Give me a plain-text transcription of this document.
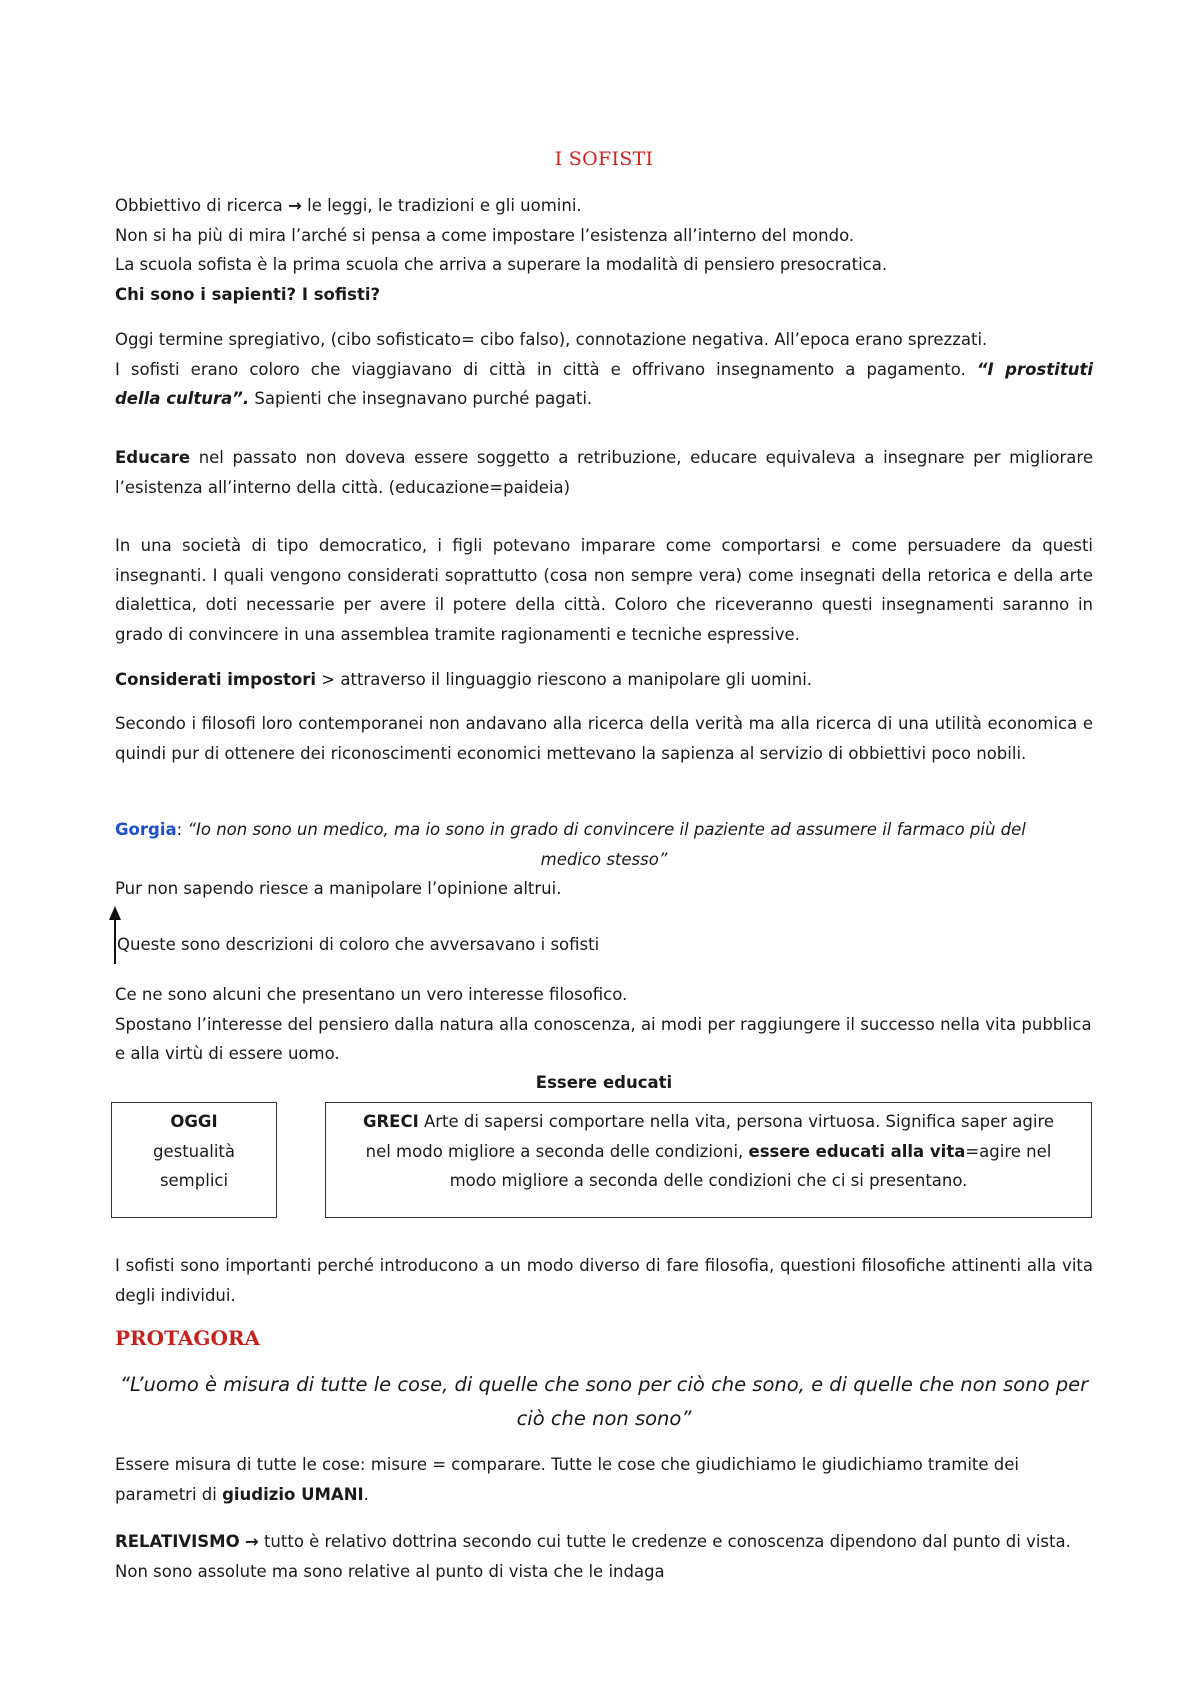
I SOFISTI

Obbiettivo di ricerca → le leggi, le tradizioni e gli uomini.

Non si ha più di mira l’arché si pensa a come impostare l’esistenza all’interno del mondo.

La scuola sofista è la prima scuola che arriva a superare la modalità di pensiero presocratica.

Chi sono i sapienti? I sofisti?

Oggi termine spregiativo, (cibo sofisticato= cibo falso), connotazione negativa. All’epoca erano sprezzati.

I sofisti erano coloro che viaggiavano di città in città e offrivano insegnamento a pagamento. “I prostituti

della cultura”. Sapienti che insegnavano purché pagati.

Educare nel passato non doveva essere soggetto a retribuzione, educare equivaleva a insegnare per migliorare l’esistenza all’interno della città. (educazione=paideia)

In una società di tipo democratico, i figli potevano imparare come comportarsi e come persuadere da questi insegnanti. I quali vengono considerati soprattutto (cosa non sempre vera) come insegnati della retorica e della arte dialettica, doti necessarie per avere il potere della città. Coloro che riceveranno questi insegnamenti saranno in grado di convincere in una assemblea tramite ragionamenti e tecniche espressive.

Considerati impostori > attraverso il linguaggio riescono a manipolare gli uomini.

Secondo i filosofi loro contemporanei non andavano alla ricerca della verità ma alla ricerca di una utilità economica e quindi pur di ottenere dei riconoscimenti economici mettevano la sapienza al servizio di obbiettivi poco nobili.

Gorgia: “Io non sono un medico, ma io sono in grado di convincere il paziente ad assumere il farmaco più del

medico stesso”

Pur non sapendo riesce a manipolare l’opinione altrui.

Queste sono descrizioni di coloro che avversavano i sofisti

Ce ne sono alcuni che presentano un vero interesse filosofico.

Spostano l’interesse del pensiero dalla natura alla conoscenza, ai modi per raggiungere il successo nella vita pubblica e alla virtù di essere uomo.

Essere educati

OGGI
gestualità
semplici
GRECI Arte di sapersi comportare nella vita, persona virtuosa. Significa saper agire nel modo migliore a seconda delle condizioni, essere educati alla vita=agire nel modo migliore a seconda delle condizioni che ci si presentano.

I sofisti sono importanti perché introducono a un modo diverso di fare filosofia, questioni filosofiche attinenti alla vita degli individui.

PROTAGORA
“L’uomo è misura di tutte le cose, di quelle che sono per ciò che sono, e di quelle che non sono per
ciò che non sono”

Essere misura di tutte le cose: misure = comparare. Tutte le cose che giudichiamo le giudichiamo tramite dei parametri di giudizio UMANI.

RELATIVISMO → tutto è relativo dottrina secondo cui tutte le credenze e conoscenza dipendono dal punto di vista. Non sono assolute ma sono relative al punto di vista che le indaga
